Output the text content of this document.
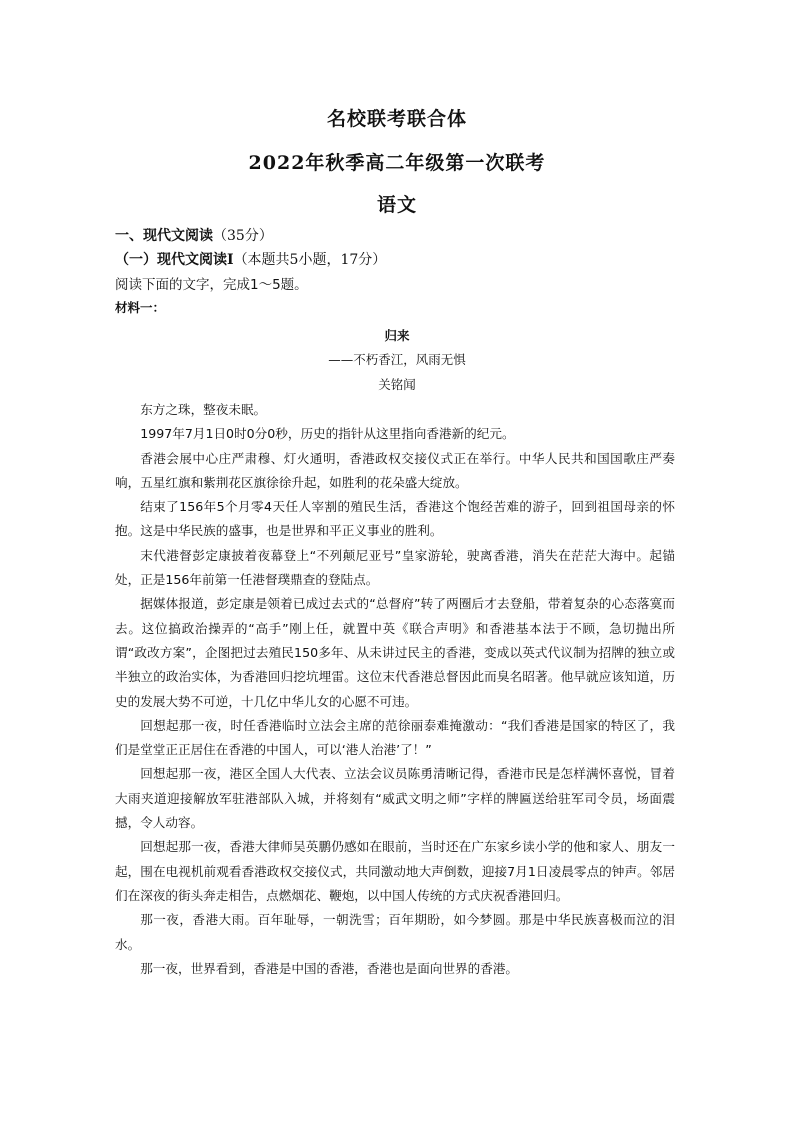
名校联考联合体
2022年秋季高二年级第一次联考
语文
一、现代文阅读（35分）
（一）现代文阅读Ⅰ（本题共5小题，17分）
阅读下面的文字，完成1～5题。
材料一：
归来
——不朽香江，风雨无惧
关铭闻

东方之珠，整夜未眠。

1997年7月1日0时0分0秒，历史的指针从这里指向香港新的纪元。

香港会展中心庄严肃穆、灯火通明，香港政权交接仪式正在举行。中华人民共和国国歌庄严奏响，五星红旗和紫荆花区旗徐徐升起，如胜利的花朵盛大绽放。

结束了156年5个月零4天任人宰割的殖民生活，香港这个饱经苦难的游子，回到祖国母亲的怀抱。这是中华民族的盛事，也是世界和平正义事业的胜利。

末代港督彭定康披着夜幕登上“不列颠尼亚号”皇家游轮，驶离香港，消失在茫茫大海中。起锚处，正是156年前第一任港督璞鼎查的登陆点。

据媒体报道，彭定康是领着已成过去式的“总督府”转了两圈后才去登船，带着复杂的心态落寞而去。这位搞政治操弄的“高手”刚上任，就置中英《联合声明》和香港基本法于不顾，急切抛出所谓“政改方案”，企图把过去殖民150多年、从未讲过民主的香港，变成以英式代议制为招牌的独立或半独立的政治实体，为香港回归挖坑埋雷。这位末代香港总督因此而臭名昭著。他早就应该知道，历史的发展大势不可逆，十几亿中华儿女的心愿不可违。

回想起那一夜，时任香港临时立法会主席的范徐丽泰难掩激动：“我们香港是国家的特区了，我们是堂堂正正居住在香港的中国人，可以‘港人治港’了！”

回想起那一夜，港区全国人大代表、立法会议员陈勇清晰记得，香港市民是怎样满怀喜悦，冒着大雨夹道迎接解放军驻港部队入城，并将刻有“威武文明之师”字样的牌匾送给驻军司令员，场面震撼，令人动容。

回想起那一夜，香港大律师吴英鹏仍感如在眼前，当时还在广东家乡读小学的他和家人、朋友一起，围在电视机前观看香港政权交接仪式，共同激动地大声倒数，迎接7月1日凌晨零点的钟声。邻居们在深夜的街头奔走相告，点燃烟花、鞭炮，以中国人传统的方式庆祝香港回归。

那一夜，香港大雨。百年耻辱，一朝洗雪；百年期盼，如今梦圆。那是中华民族喜极而泣的泪水。

那一夜，世界看到，香港是中国的香港，香港也是面向世界的香港。
